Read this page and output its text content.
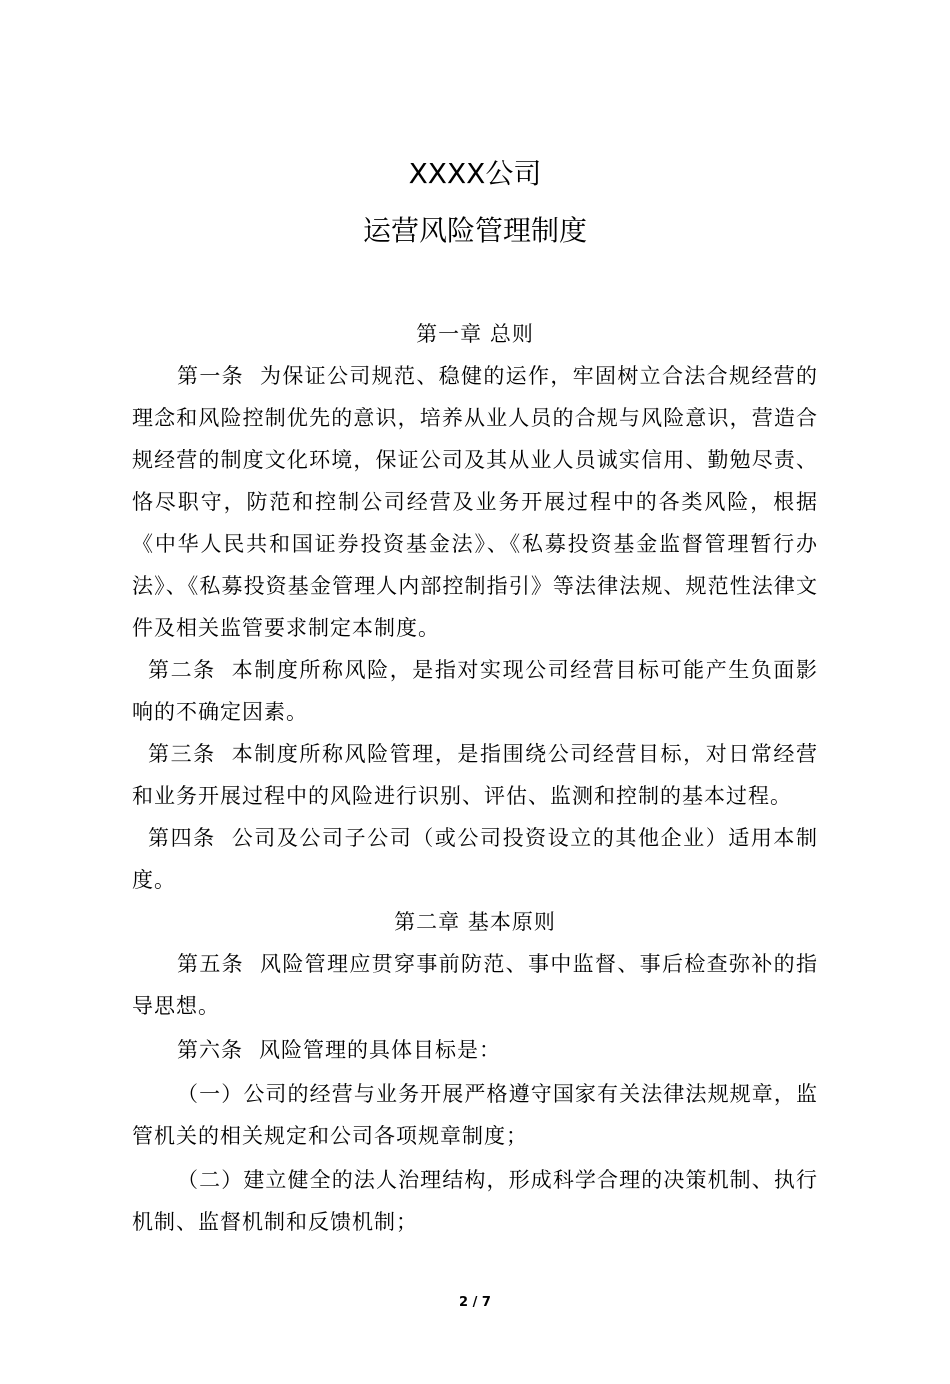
XXXX公司
运营风险管理制度

第一章 总则

第一条 为保证公司规范、稳健的运作，牢固树立合法合规经营的理念和风险控制优先的意识，培养从业人员的合规与风险意识，营造合规经营的制度文化环境，保证公司及其从业人员诚实信用、勤勉尽责、恪尽职守，防范和控制公司经营及业务开展过程中的各类风险，根据《中华人民共和国证券投资基金法》、《私募投资基金监督管理暂行办法》、《私募投资基金管理人内部控制指引》等法律法规、规范性法律文件及相关监管要求制定本制度。

第二条 本制度所称风险，是指对实现公司经营目标可能产生负面影响的不确定因素。

第三条 本制度所称风险管理，是指围绕公司经营目标，对日常经营和业务开展过程中的风险进行识别、评估、监测和控制的基本过程。

第四条 公司及公司子公司（或公司投资设立的其他企业）适用本制度。

第二章 基本原则

第五条 风险管理应贯穿事前防范、事中监督、事后检查弥补的指导思想。

第六条 风险管理的具体目标是：

（一）公司的经营与业务开展严格遵守国家有关法律法规规章，监管机关的相关规定和公司各项规章制度；

（二）建立健全的法人治理结构，形成科学合理的决策机制、执行机制、监督机制和反馈机制；

2 / 7
